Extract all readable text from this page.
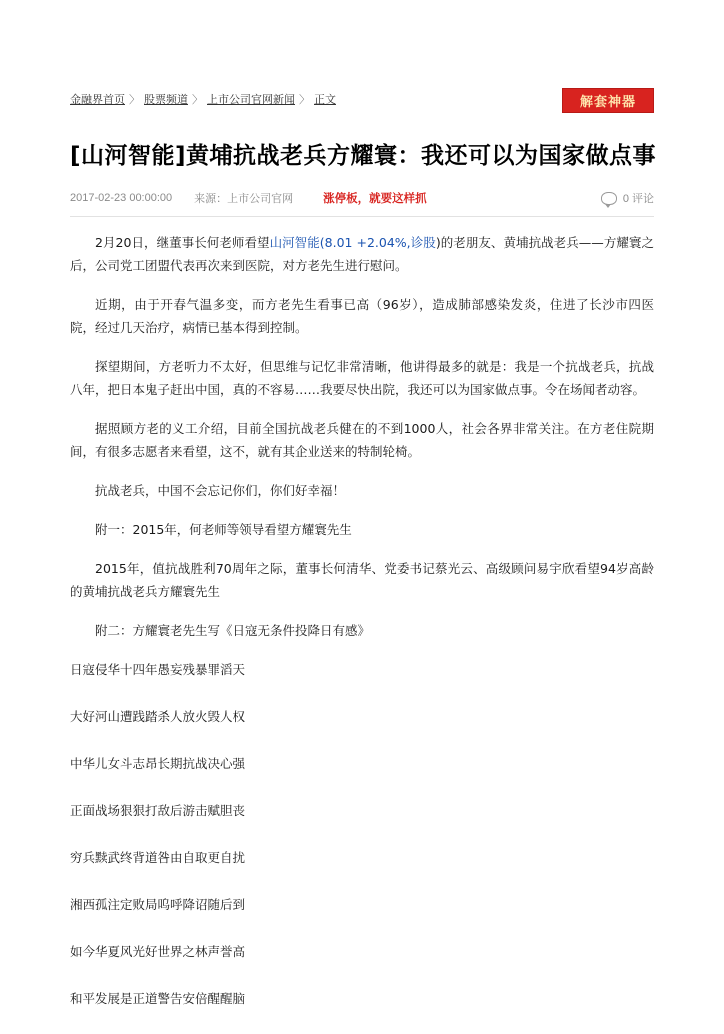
金融界首页 〉 股票频道 〉 上市公司官网新闻 〉 正文	解套神器
[山河智能]黄埔抗战老兵方耀寰：我还可以为国家做点事
2017-02-23 00:00:00 来源：上市公司官网	涨停板，就要这样抓	0 评论

2月20日，继董事长何老师看望山河智能(8.01 +2.04%,诊股)的老朋友、黄埔抗战老兵——方耀寰之后，公司党工团盟代表再次来到医院，对方老先生进行慰问。

近期，由于开春气温多变，而方老先生看事已高（96岁），造成肺部感染发炎，住进了长沙市四医院，经过几天治疗，病情已基本得到控制。

探望期间，方老听力不太好，但思维与记忆非常清晰，他讲得最多的就是：我是一个抗战老兵，抗战八年，把日本鬼子赶出中国，真的不容易……我要尽快出院，我还可以为国家做点事。令在场闻者动容。

据照顾方老的义工介绍，目前全国抗战老兵健在的不到1000人，社会各界非常关注。在方老住院期间，有很多志愿者来看望，这不，就有其企业送来的特制轮椅。

抗战老兵，中国不会忘记你们，你们好幸福！

附一：2015年，何老师等领导看望方耀寰先生

2015年，值抗战胜利70周年之际，董事长何清华、党委书记蔡光云、高级顾问易宇欣看望94岁高龄的黄埔抗战老兵方耀寰先生

附二：方耀寰老先生写《日寇无条件投降日有感》

日寇侵华十四年愚妄残暴罪滔天

大好河山遭践踏杀人放火毁人权

中华儿女斗志昂长期抗战决心强

正面战场狠狠打敌后游击赋胆丧

穷兵黩武终背道咎由自取更自扰

湘西孤注定败局呜呼降诏随后到

如今华夏风光好世界之林声誉高

和平发展是正道警告安倍醒醒脑
